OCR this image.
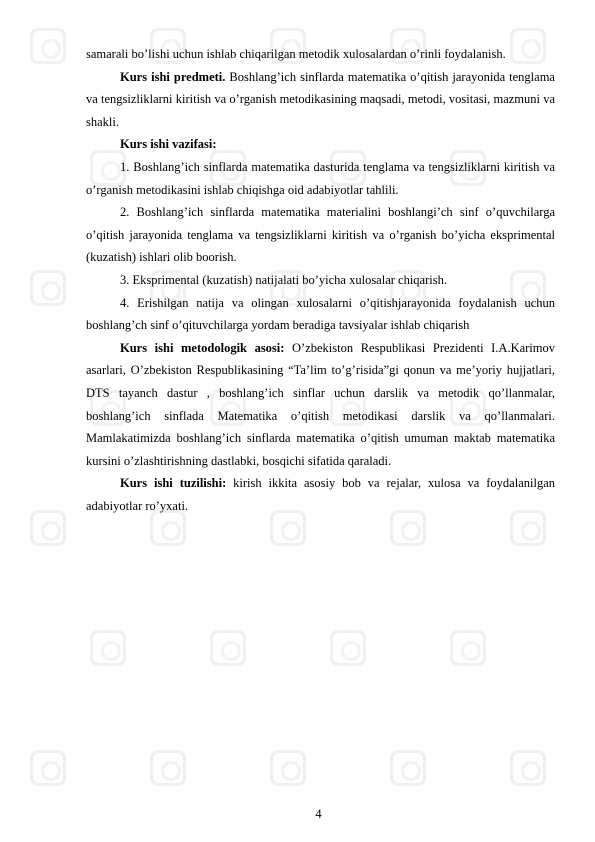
samarali bo’lishi uchun ishlab chiqarilgan metodik xulosalardan o’rinli foydalanish.

Kurs ishi predmeti. Boshlang’ich sinflarda matematika o’qitish jarayonida tenglama va tengsizliklarni kiritish va o’rganish metodikasining maqsadi, metodi, vositasi, mazmuni va shakli.

Kurs ishi vazifasi:

1. Boshlang’ich sinflarda matematika dasturida tenglama va tengsizliklarni kiritish va o’rganish metodikasini ishlab chiqishga oid adabiyotlar tahlili.

2. Boshlang’ich sinflarda matematika materialini boshlangi’ch sinf o’quvchilarga o’qitish jarayonida tenglama va tengsizliklarni kiritish va o’rganish bo’yicha eksprimental (kuzatish) ishlari olib boorish.

3. Eksprimental (kuzatish) natijalati bo’yicha xulosalar chiqarish.

4. Erishilgan natija va olingan xulosalarni o’qitishjarayonida foydalanish uchun boshlang’ch sinf o’qituvchilarga yordam beradiga tavsiyalar ishlab chiqarish

Kurs ishi metodologik asosi: O’zbekiston Respublikasi Prezidenti I.A.Karimov asarlari, O’zbekiston Respublikasining “Ta’lim to’g’risida”gi qonun va me’yoriy hujjatlari, DTS tayanch dastur , boshlang’ich sinflar uchun darslik va metodik qo’llanmalar, boshlang’ich sinflada Matematika o’qitish metodikasi darslik va qo’llanmalari. Mamlakatimizda boshlang’ich sinflarda matematika o’qitish umuman maktab matematika kursini o’zlashtirishning dastlabki, bosqichi sifatida qaraladi.

Kurs ishi tuzilishi: kirish ikkita asosiy bob va rejalar, xulosa va foydalanilgan adabiyotlar ro’yxati.

4
